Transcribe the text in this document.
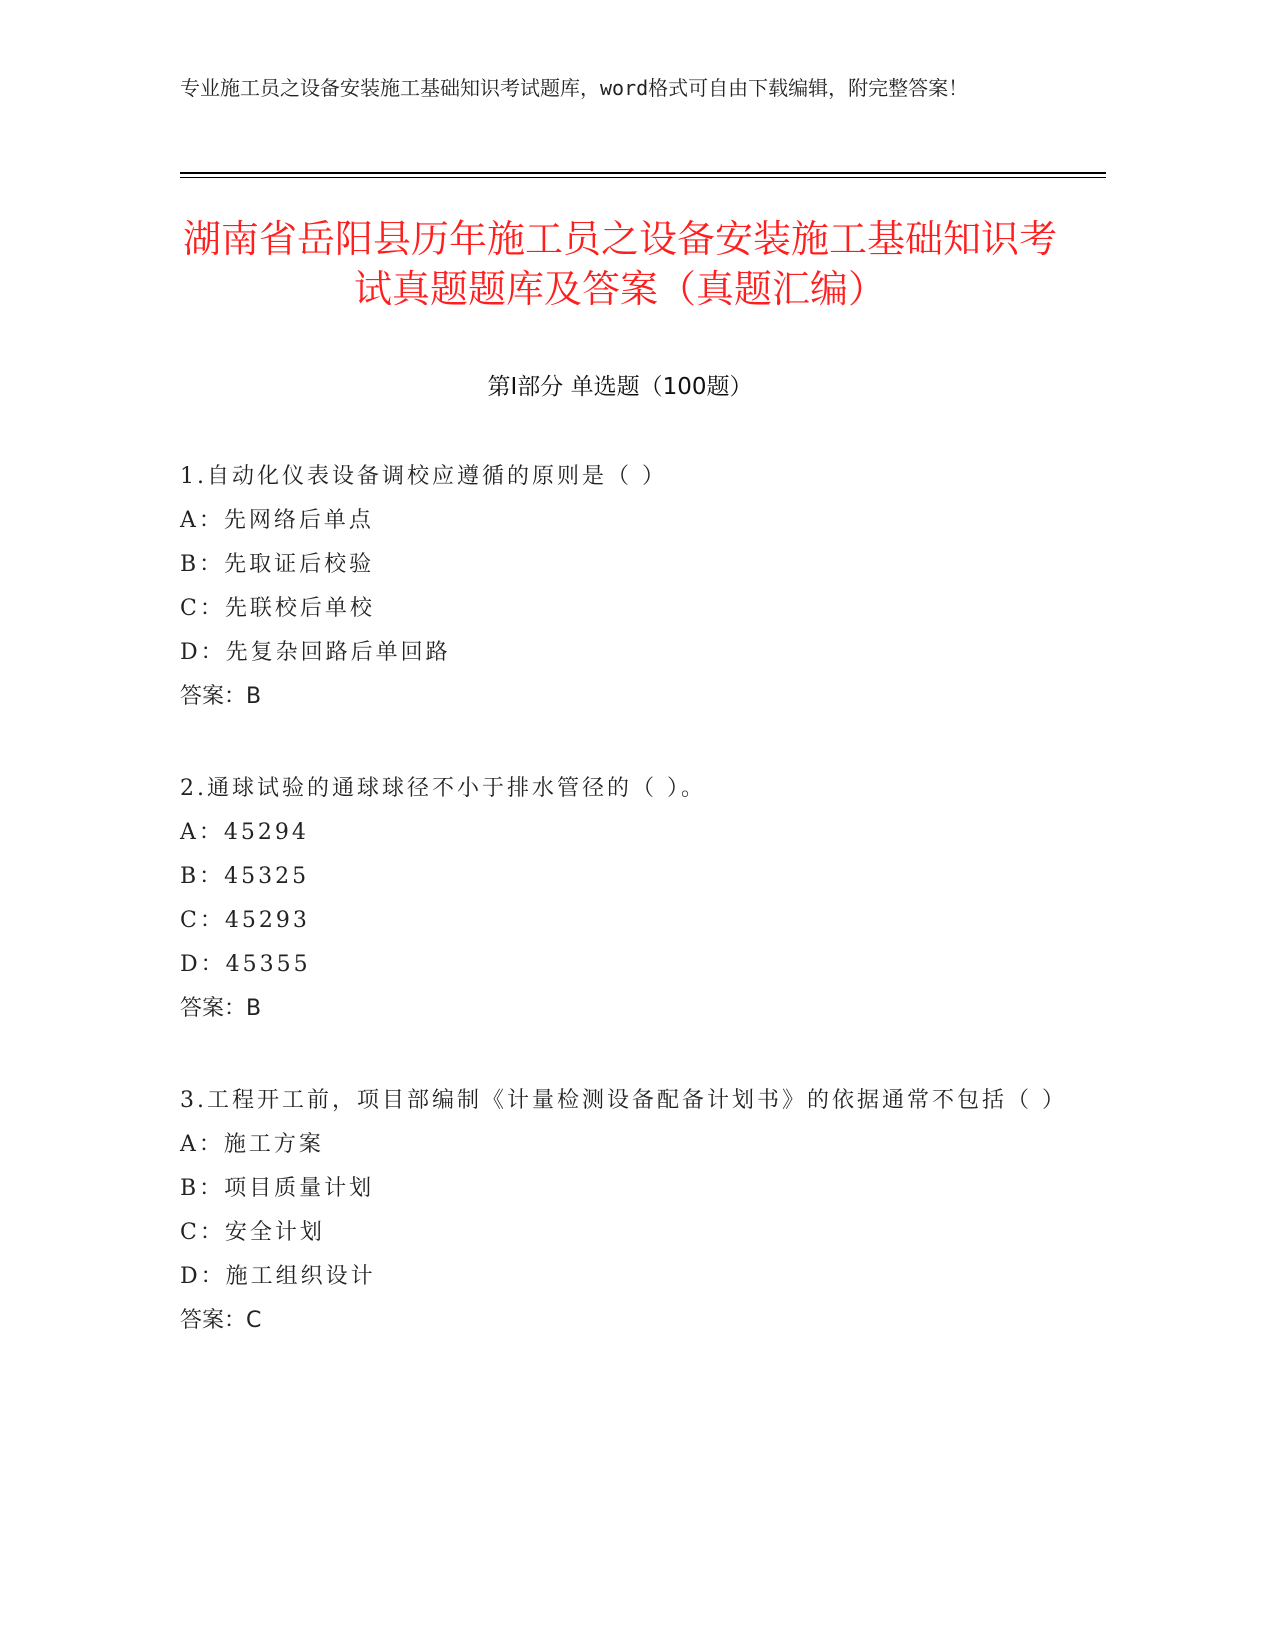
专业施工员之设备安装施工基础知识考试题库，word格式可自由下载编辑，附完整答案！
湖南省岳阳县历年施工员之设备安装施工基础知识考试真题题库及答案（真题汇编）
第Ⅰ部分 单选题（100题）
1.自动化仪表设备调校应遵循的原则是（ ）
A：先网络后单点
B：先取证后校验
C：先联校后单校
D：先复杂回路后单回路
答案：B
2.通球试验的通球球径不小于排水管径的（ ）。
A：45294
B：45325
C：45293
D：45355
答案：B
3.工程开工前，项目部编制《计量检测设备配备计划书》的依据通常不包括（ ）
A：施工方案
B：项目质量计划
C：安全计划
D：施工组织设计
答案：C
